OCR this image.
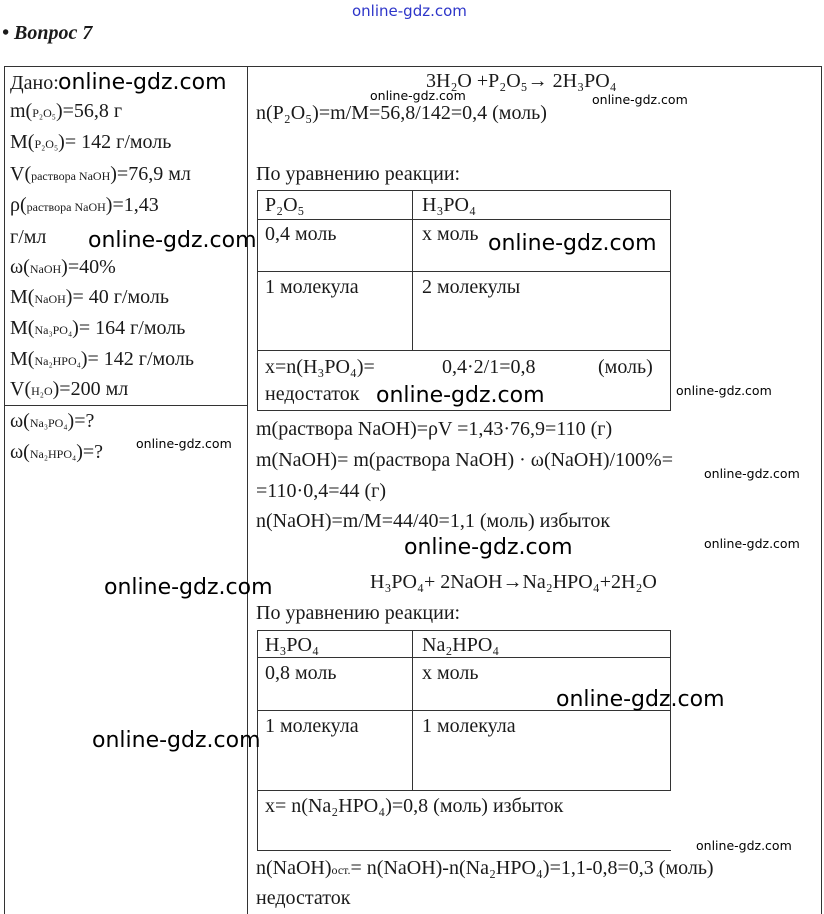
online-gdz.com
• Вопрос 7
Дано:
m(P₂O₅)=56,8 г
M(P₂O₅)= 142 г/моль
V(раствора NaOH)=76,9 мл
ρ(раствора NaOH)=1,43
г/мл
ω(NaOH)=40%
M(NaOH)= 40 г/моль
M(Na₃PO₄)= 164 г/моль
M(Na₂HPO₄)= 142 г/моль
V(H₂O)=200 мл
ω(Na₃PO₄)=?
ω(Na₂HPO₄)=?
3H₂O +P₂O₅→ 2H₃PO₄
n(P₂O₅)=m/M=56,8/142=0,4 (моль)
По уравнению реакции:
P₂O₅	H₃PO₄
0,4 моль	х моль
1 молекула	2 молекулы
х=n(H₃PO₄)=	0,4·2/1=0,8	(моль)
недостаток
m(раствора NaOH)=ρV =1,43·76,9=110 (г)
m(NaOH)= m(раствора NaOH) · ω(NaOH)/100%=
=110·0,4=44 (г)
n(NaOH)=m/M=44/40=1,1 (моль) избыток
H₃PO₄+ 2NaOH→Na₂HPO₄+2H₂O
По уравнению реакции:
H₃PO₄	Na₂HPO₄
0,8 моль	х моль
1 молекула	1 молекула
х= n(Na₂HPO₄)=0,8 (моль) избыток
n(NaOH)ост.= n(NaOH)-n(Na₂HPO₄)=1,1-0,8=0,3 (моль)
недостаток
online-gdz.com
online-gdz.com	online-gdz.com
online-gdz.com	online-gdz.com
online-gdz.com	online-gdz.com
online-gdz.com
online-gdz.com
online-gdz.com
online-gdz.com
online-gdz.com
online-gdz.com
online-gdz.com
online-gdz.com
